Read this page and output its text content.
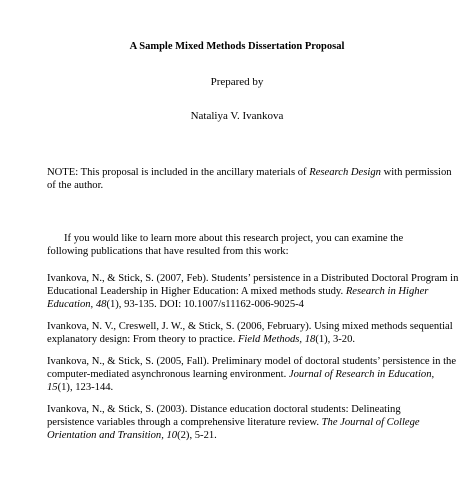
A Sample Mixed Methods Dissertation Proposal
Prepared by
Nataliya V. Ivankova
NOTE: This proposal is included in the ancillary materials of Research Design with permission
of the author.
If you would like to learn more about this research project, you can examine the
following publications that have resulted from this work:
Ivankova, N., & Stick, S. (2007, Feb). Students’ persistence in a Distributed Doctoral Program in
Educational Leadership in Higher Education: A mixed methods study. Research in Higher
Education, 48(1), 93-135. DOI: 10.1007/s11162-006-9025-4
Ivankova, N. V., Creswell, J. W., & Stick, S. (2006, February). Using mixed methods sequential
explanatory design: From theory to practice. Field Methods, 18(1), 3-20.
Ivankova, N., & Stick, S. (2005, Fall). Preliminary model of doctoral students’ persistence in the
computer-mediated asynchronous learning environment. Journal of Research in Education,
15(1), 123-144.
Ivankova, N., & Stick, S. (2003). Distance education doctoral students: Delineating
persistence variables through a comprehensive literature review. The Journal of College
Orientation and Transition, 10(2), 5-21.
